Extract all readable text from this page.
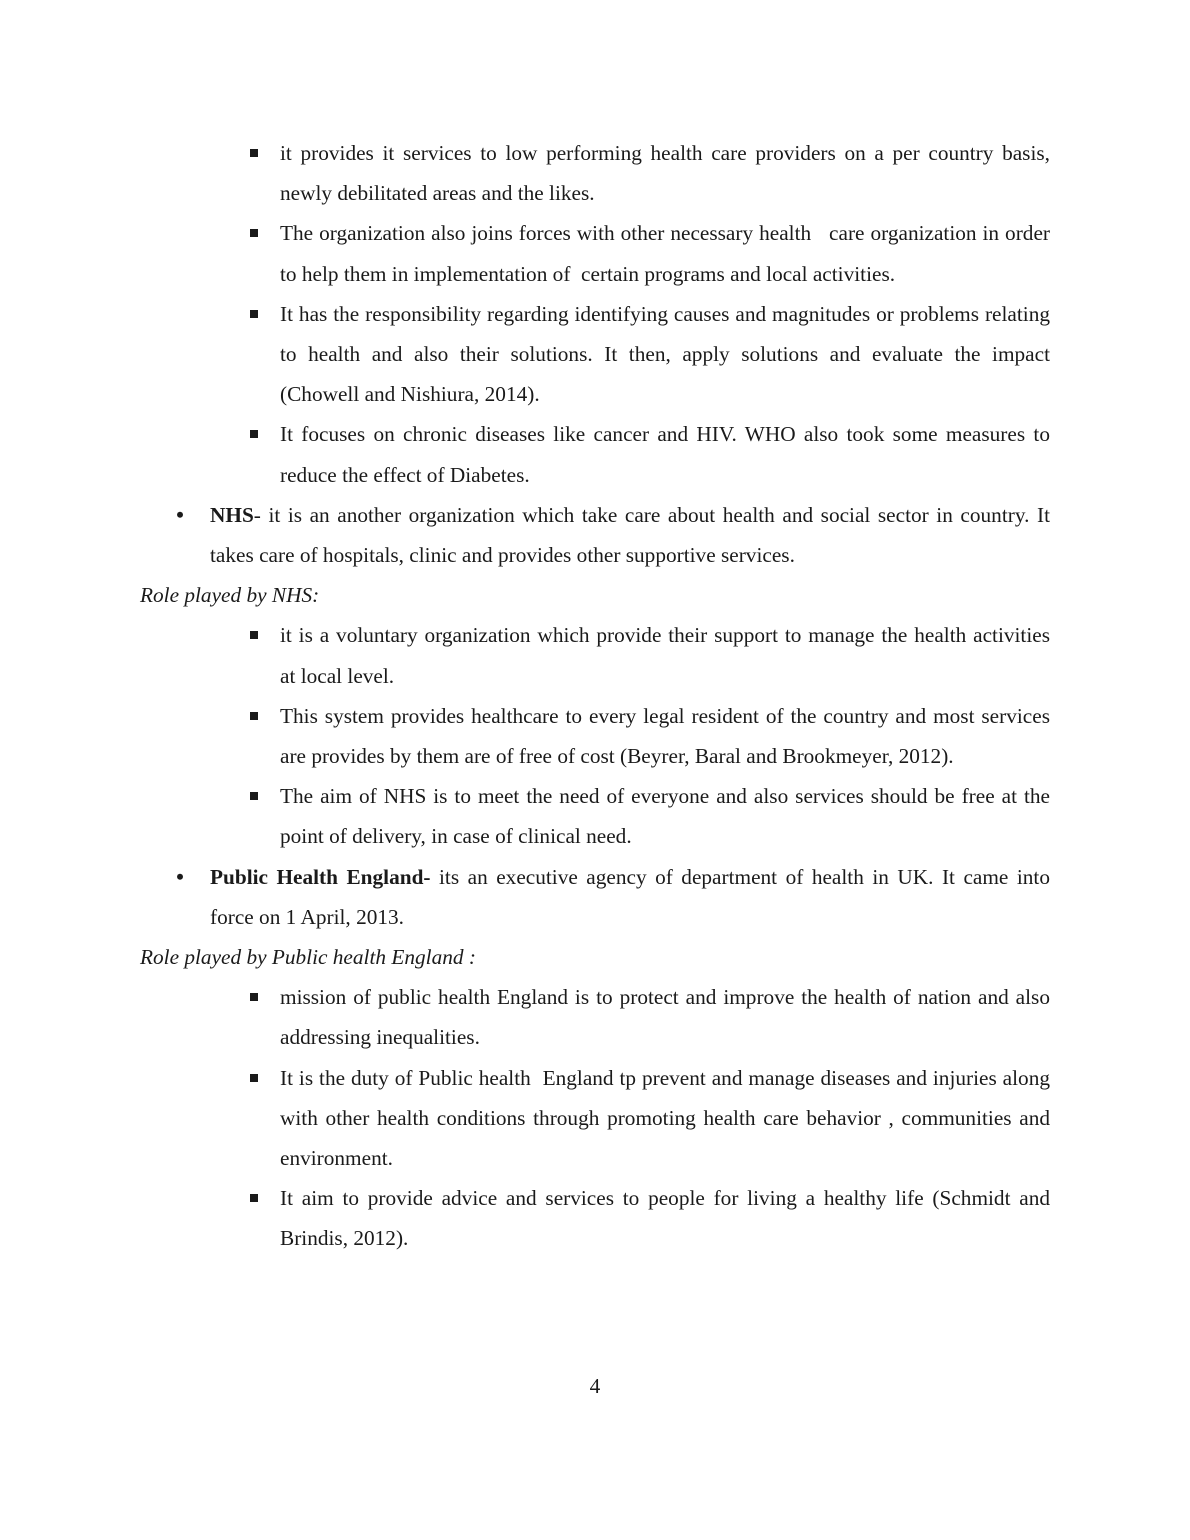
it provides it services to low performing health care providers on a per country basis, newly debilitated areas and the likes.
The organization also joins forces with other necessary health   care organization in order to help them in implementation of  certain programs and local activities.
It has the responsibility regarding identifying causes and magnitudes or problems relating to health and also their solutions. It then, apply solutions and evaluate the impact (Chowell and Nishiura, 2014).
It focuses on chronic diseases like cancer and HIV. WHO also took some measures to reduce the effect of Diabetes.
• NHS- it is an another organization which take care about health and social sector in country. It takes care of hospitals, clinic and provides other supportive services.

Role played by NHS:

it is a voluntary organization which provide their support to manage the health activities at local level.
This system provides healthcare to every legal resident of the country and most services are provides by them are of free of cost (Beyrer, Baral and Brookmeyer, 2012).
The aim of NHS is to meet the need of everyone and also services should be free at the point of delivery, in case of clinical need.
• Public Health England- its an executive agency of department of health in UK. It came into force on 1 April, 2013.

Role played by Public health England :

mission of public health England is to protect and improve the health of nation and also addressing inequalities.
It is the duty of Public health  England tp prevent and manage diseases and injuries along with other health conditions through promoting health care behavior , communities and environment.
It aim to provide advice and services to people for living a healthy life (Schmidt and Brindis, 2012).
4
